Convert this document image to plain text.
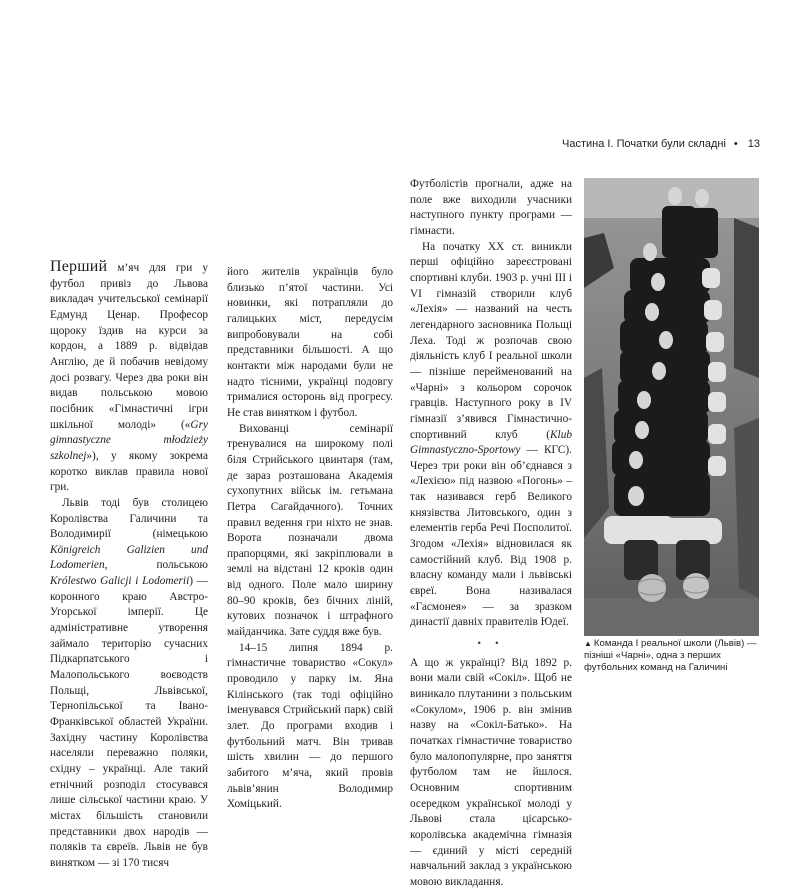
Частина I. Початки були складні • 13

Перший м’яч для гри у футбол привіз до Львова викладач учительської семінарії Едмунд Ценар. Професор щороку їздив на курси за кордон, а 1889 р. відвідав Англію, де й побачив невідому досі розвагу. Через два роки він видав польською мовою посібник «Гімнастичні ігри шкільної молоді» («Gry gimnastyczne młodzieży szkolnej»), у якому зокрема коротко виклав правила нової гри.

Львів тоді був столицею Королівства Галичини та Володимирії (німецькою Königreich Galizien und Lodomerien, польською Królestwo Galicji i Lodomerii) — коронного краю Австро-Угорської імперії. Це адміністративне утворення займало територію сучасних Підкарпатського і Малопольського воєводств Польщі, Львівської, Тернопільської та Івано-Франківської областей України. Західну частину Королівства населяли переважно поляки, східну – українці. Але такий етнічний розподіл стосувався лише сільської частини краю. У містах більшість становили представники двох народів — поляків та євреїв. Львів не був винятком — зі 170 тисяч

його жителів українців було близько п’ятої частини. Усі новинки, які потрапляли до галицьких міст, передусім випробовували на собі представники більшості. А що контакти між народами були не надто тісними, українці подовгу трималися осторонь від прогресу. Не став винятком і футбол.

Вихованці семінарії тренувалися на широкому полі біля Стрийського цвинтаря (там, де зараз розташована Академія сухопутних військ ім. гетьмана Петра Сагайдачного). Точних правил ведення гри ніхто не знав. Ворота позначали двома прапорцями, які закріплювали в землі на відстані 12 кроків один від одного. Поле мало ширину 80–90 кроків, без бічних ліній, кутових позначок і штрафного майданчика. Зате суддя вже був.

14–15 липня 1894 р. гімнастичне товариство «Сокул» проводило у парку ім. Яна Кілінського (так тоді офіційно іменувався Стрийський парк) свій злет. До програми входив і футбольний матч. Він тривав шість хвилин — до першого забитого м’яча, який провів львів’янин Володимир Хоміцький.

Футболістів прогнали, адже на поле вже виходили учасники наступного пункту програми — гімнасти.

На початку ХХ ст. виникли перші офіційно зареєстровані спортивні клуби. 1903 р. учні ІІІ і VІ гімназій створили клуб «Лехія» — названий на честь легендарного засновника Польщі Леха. Тоді ж розпочав свою діяльність клуб І реальної школи — пізніше перейменований на «Чарні» з кольором сорочок гравців. Наступного року в IV гімназії з’явився Гімнастично-спортивний клуб (Klub Gimnastyczno-Sportowy — КГС). Через три роки він об’єднався з «Лехією» під назвою «Погонь» – так називався герб Великого князівства Литовського, один з елементів герба Речі Посполитої. Згодом «Лехія» відновилася як самостійний клуб. Від 1908 р. власну команду мали і львівські євреї. Вона називалася «Гасмонея» — за зразком династії давніх правителів Юдеї.

• •

А що ж українці? Від 1892 р. вони мали свій «Сокіл». Щоб не виникало плутанини з польським «Сокулом», 1906 р. він змінив назву на «Сокіл-Батько». На початках гімнастичне товариство було малопопулярне, про заняття футболом там не йшлося. Основним спортивним осередком української молоді у Львові стала цісарсько-королівська академічна гімназія — єдиний у місті середній навчальний заклад з українською мовою викладання.

▲ Команда І реальної школи (Львів) — пізніші «Чарні», одна з перших футбольних команд на Галичині
